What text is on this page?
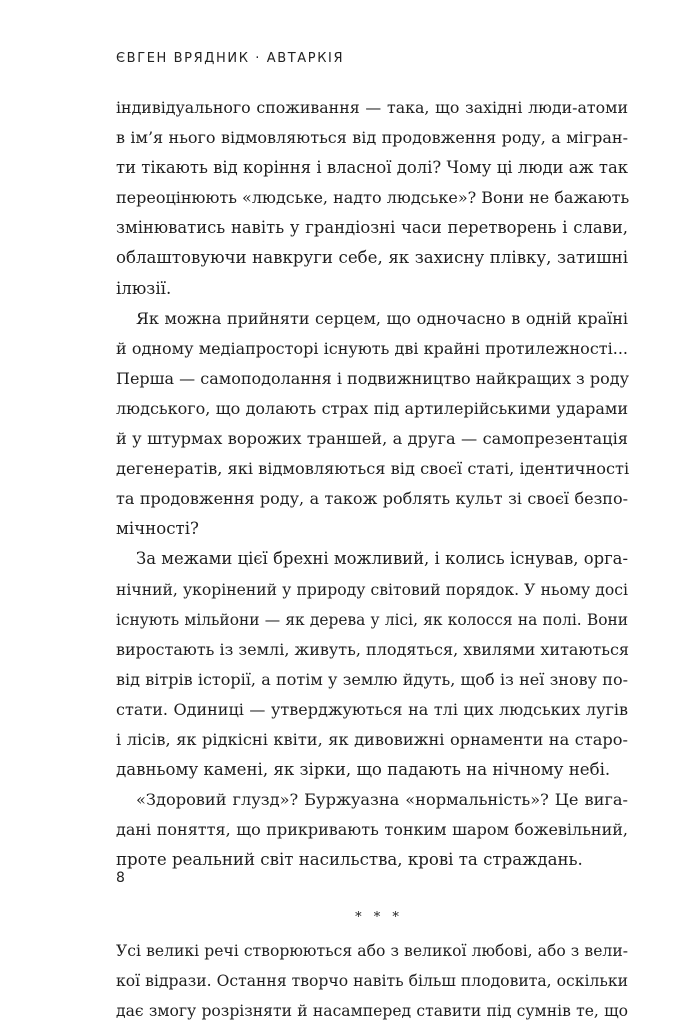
ЄВГЕН ВРЯДНИК · АВТАРКІЯ
індивідуального споживання — така, що західні люди-атоми
в ім’я нього відмовляються від продовження роду, а мігран-
ти тікають від коріння і власної долі? Чому ці люди аж так
переоцінюють «людське, надто людське»? Вони не бажають
змінюватись навіть у грандіозні часи перетворень і слави,
облаштовуючи навкруги себе, як захисну плівку, затишні
ілюзії.
Як можна прийняти серцем, що одночасно в одній країні
й одному медіапросторі існують дві крайні протилежності...
Перша — самоподолання і подвижництво найкращих з роду
людського, що долають страх під артилерійськими ударами
й у штурмах ворожих траншей, а друга — самопрезентація
дегенератів, які відмовляються від своєї статі, ідентичності
та продовження роду, а також роблять культ зі своєї безпо-
мічності?
За межами цієї брехні можливий, і колись існував, орга-
нічний, укорінений у природу світовий порядок. У ньому досі
існують мільйони — як дерева у лісі, як колосся на полі. Вони
виростають із землі, живуть, плодяться, хвилями хитаються
від вітрів історії, а потім у землю йдуть, щоб із неї знову по-
стати. Одиниці — утверджуються на тлі цих людських лугів
і лісів, як рідкісні квіти, як дивовижні орнаменти на старо-
давньому камені, як зірки, що падають на нічному небі.
«Здоровий глузд»? Буржуазна «нормальність»? Це вига-
дані поняття, що прикривають тонким шаром божевільний,
проте реальний світ насильства, крові та страждань.
* * *
Усі великі речі створюються або з великої любові, або з вели-
кої відрази. Остання творчо навіть більш плодовита, оскільки
дає змогу розрізняти й насамперед ставити під сумнів те, що
8
